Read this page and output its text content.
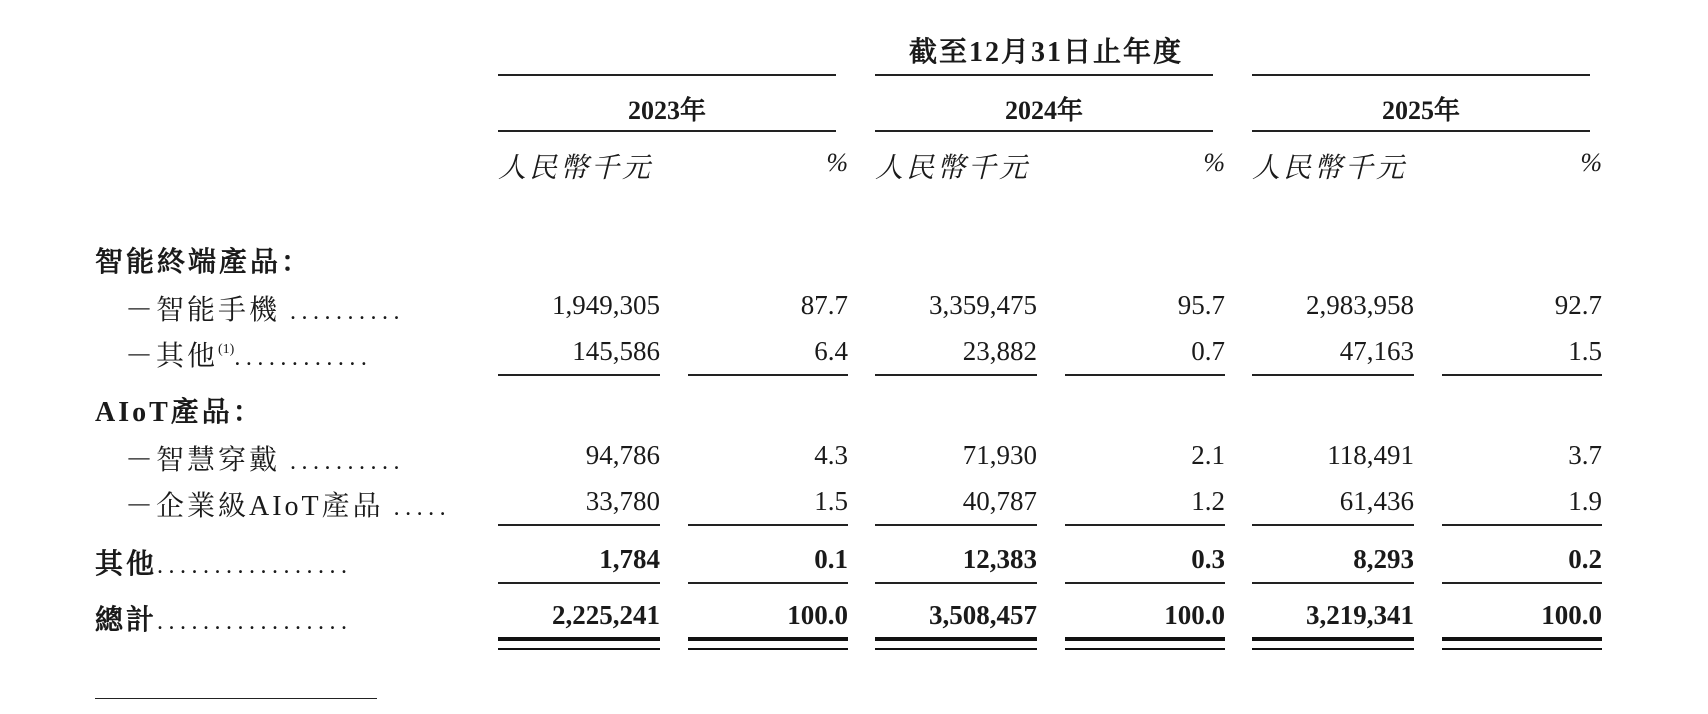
截至12月31日止年度
2023年	2024年	2025年
人民幣千元	% 人民幣千元	% 人民幣千元	%
智能終端產品：
－智能手機 ..........	1,949,305	87.7	3,359,475	95.7	2,983,958	92.7
－其他$^{(1)}$............	145,586	6.4	23,882	0.7	47,163	1.5
AIoT產品：
－智慧穿戴 ..........	94,786	4.3	71,930	2.1	118,491	3.7
－企業級AIoT產品 .....	33,780	1.5	40,787	1.2	61,436	1.9
其他.................	1,784	0.1	12,383	0.3	8,293	0.2
總計.................	2,225,241	100.0	3,508,457	100.0	3,219,341	100.0
